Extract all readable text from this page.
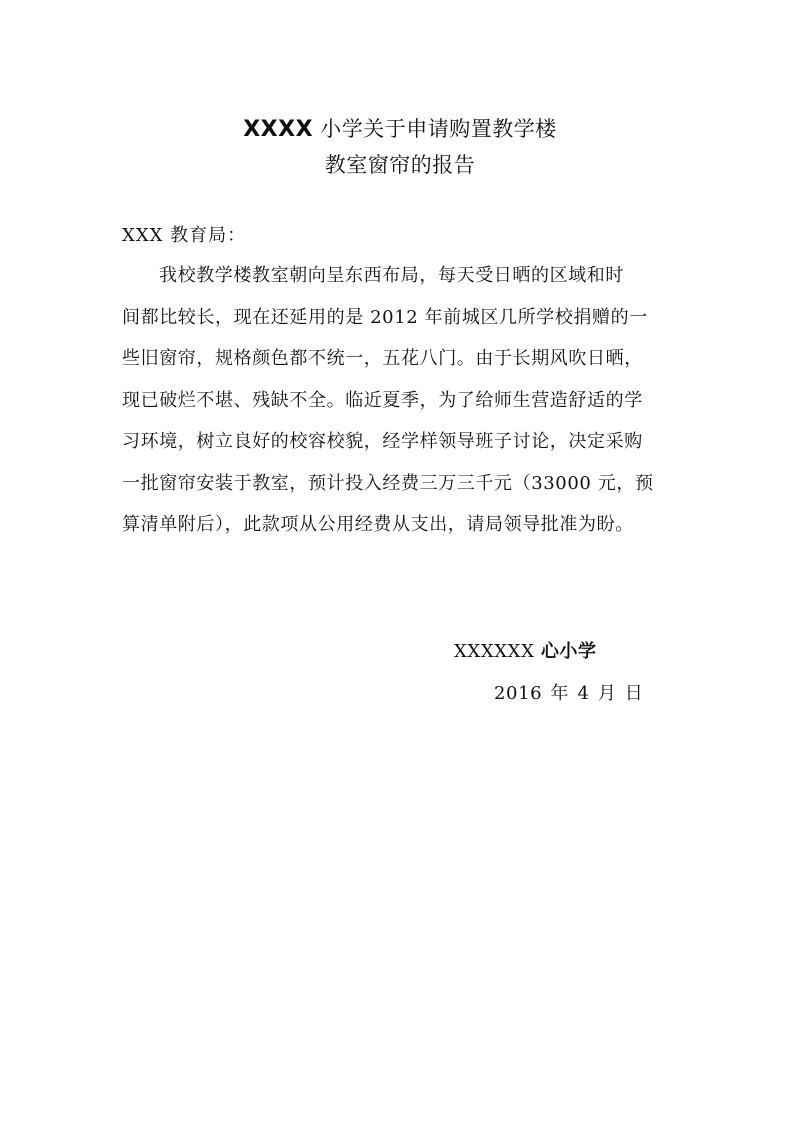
XXXX 小学关于申请购置教学楼
教室窗帘的报告
XXX 教育局：
我校教学楼教室朝向呈东西布局，每天受日晒的区域和时
间都比较长，现在还延用的是 2012 年前城区几所学校捐赠的一
些旧窗帘，规格颜色都不统一，五花八门。由于长期风吹日晒，
现已破烂不堪、残缺不全。临近夏季，为了给师生营造舒适的学
习环境，树立良好的校容校貌，经学样领导班子讨论，决定采购
一批窗帘安装于教室，预计投入经费三万三千元（33000 元，预
算清单附后），此款项从公用经费从支出，请局领导批准为盼。
XXXXXX 心小学
2016 年 4 月 日
